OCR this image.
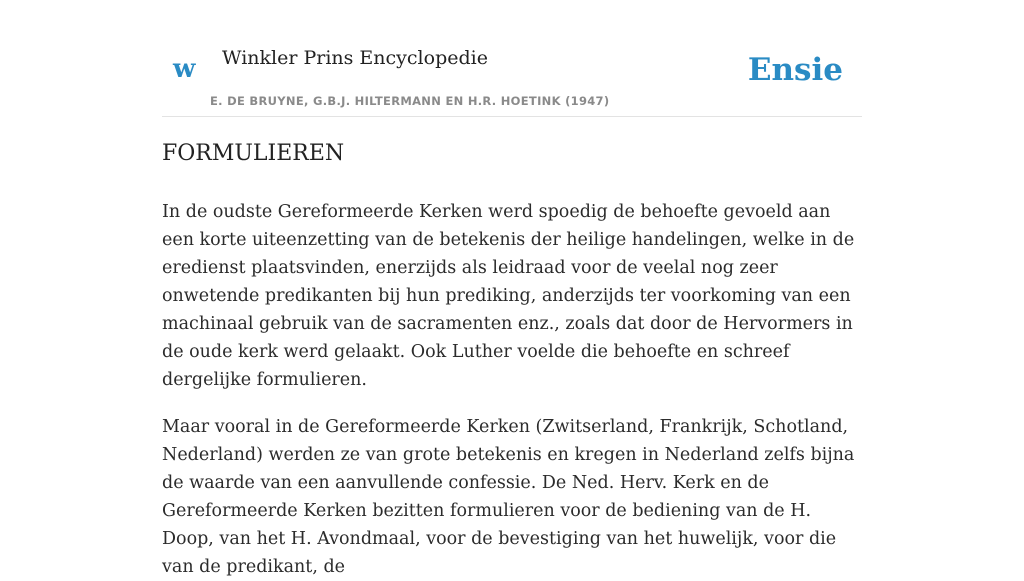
w Winkler Prins Encyclopedie
E. DE BRUYNE, G.B.J. HILTERMANN EN H.R. HOETINK (1947)
Ensie
FORMULIEREN

In de oudste Gereformeerde Kerken werd spoedig de behoefte gevoeld aan een korte uiteenzetting van de betekenis der heilige handelingen, welke in de eredienst plaatsvinden, enerzijds als leidraad voor de veelal nog zeer onwetende predikanten bij hun prediking, anderzijds ter voorkoming van een machinaal gebruik van de sacramenten enz., zoals dat door de Hervormers in de oude kerk werd gelaakt. Ook Luther voelde die behoefte en schreef dergelijke formulieren.

Maar vooral in de Gereformeerde Kerken (Zwitserland, Frankrijk, Schotland, Nederland) werden ze van grote betekenis en kregen in Nederland zelfs bijna de waarde van een aanvullende confessie. De Ned. Herv. Kerk en de Gereformeerde Kerken bezitten formulieren voor de bediening van de H. Doop, van het H. Avondmaal, voor de bevestiging van het huwelijk, voor die van de predikant, de
